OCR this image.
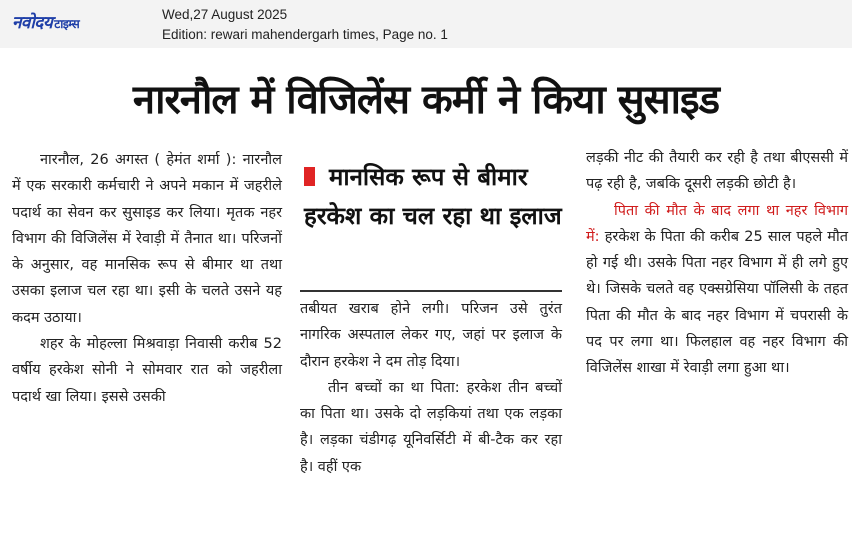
नवोदय टाइम्स
Wed,27 August 2025
Edition: rewari mahendergarh times, Page no. 1
नारनौल में विजिलेंस कर्मी ने किया सुसाइड

नारनौल, 26 अगस्त ( हेमंत शर्मा ): नारनौल में एक सरकारी कर्मचारी ने अपने मकान में जहरीले पदार्थ का सेवन कर सुसाइड कर लिया। मृतक नहर विभाग की विजिलेंस में रेवाड़ी में तैनात था। परिजनों के अनुसार, वह मानसिक रूप से बीमार था तथा उसका इलाज चल रहा था। इसी के चलते उसने यह कदम उठाया।

शहर के मोहल्ला मिश्रवाड़ा निवासी करीब 52 वर्षीय हरकेश सोनी ने सोमवार रात को जहरीला पदार्थ खा लिया। इससे उसकी

मानसिक रूप से बीमार हरकेश का चल रहा था इलाज

तबीयत खराब होने लगी। परिजन उसे तुरंत नागरिक अस्पताल लेकर गए, जहां पर इलाज के दौरान हरकेश ने दम तोड़ दिया।

तीन बच्चों का था पिता: हरकेश तीन बच्चों का पिता था। उसके दो लड़कियां तथा एक लड़का है। लड़का चंडीगढ़ यूनिवर्सिटी में बी-टैक कर रहा है। वहीं एक

लड़की नीट की तैयारी कर रही है तथा बीएससी में पढ़ रही है, जबकि दूसरी लड़की छोटी है।

पिता की मौत के बाद लगा था नहर विभाग में: हरकेश के पिता की करीब 25 साल पहले मौत हो गई थी। उसके पिता नहर विभाग में ही लगे हुए थे। जिसके चलते वह एक्सग्रेसिया पॉलिसी के तहत पिता की मौत के बाद नहर विभाग में चपरासी के पद पर लगा था। फिलहाल वह नहर विभाग की विजिलेंस शाखा में रेवाड़ी लगा हुआ था।
